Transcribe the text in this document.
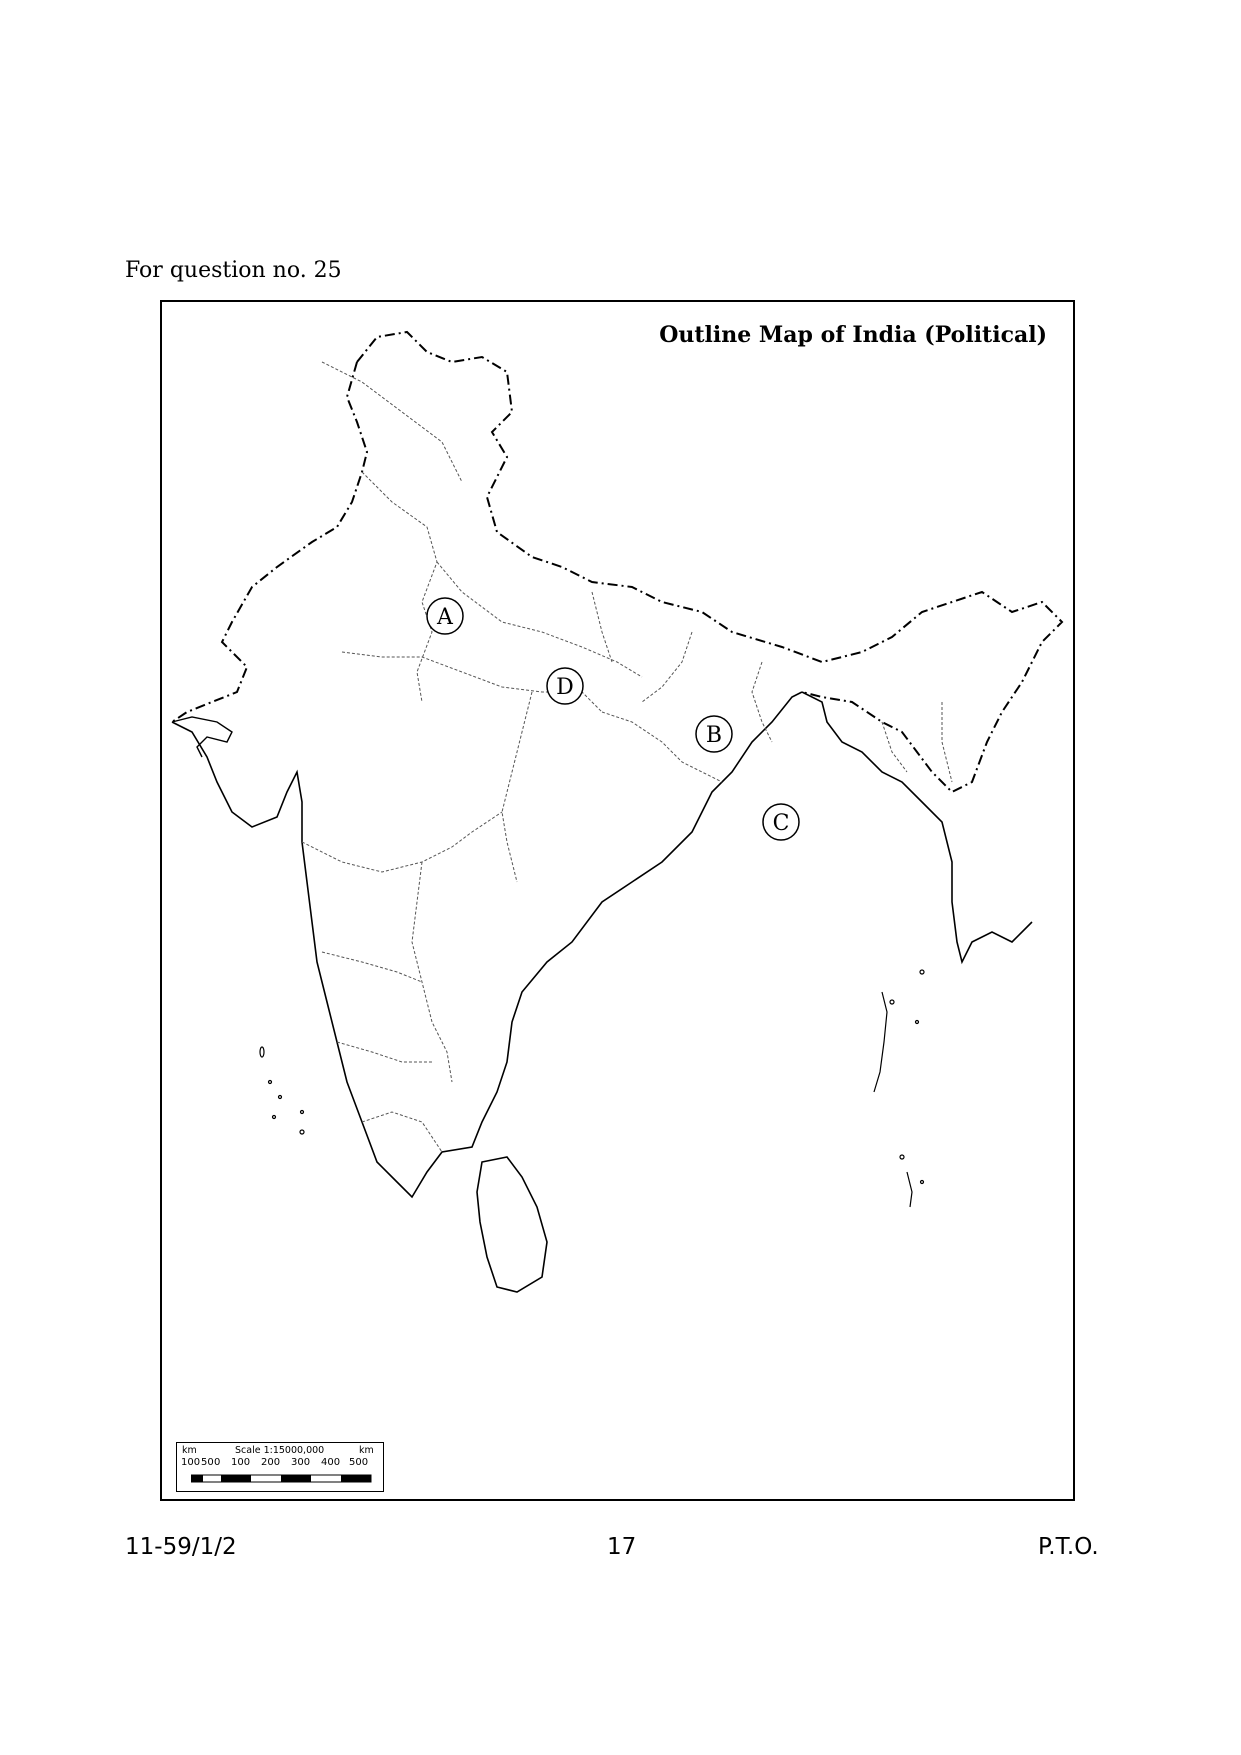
For question no. 25
Outline Map of India (Political)
A
D
B
C
km	Scale 1:15000,000	km
100 50 0 100 200 300 400 500
11-59/1/2	17	P.T.O.
